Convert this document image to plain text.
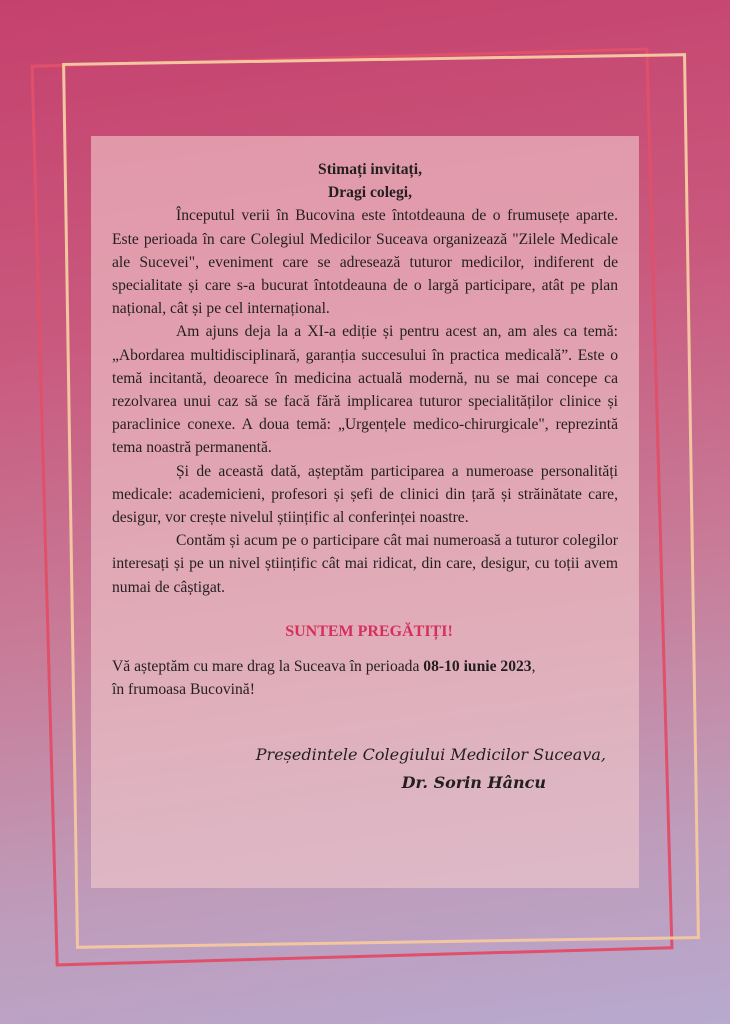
Stimați invitați,

Dragi colegi,

Începutul verii în Bucovina este întotdeauna de o frumusețe aparte. Este perioada în care Colegiul Medicilor Suceava organizează "Zilele Medicale ale Sucevei", eveniment care se adresează tuturor medicilor, indiferent de specialitate și care s-a bucurat întotdeauna de o largă participare, atât pe plan național, cât și pe cel internațional.

Am ajuns deja la a XI-a ediție și pentru acest an, am ales ca temă: „Abordarea multidisciplinară, garanția succesului în practica medicală”. Este o temă incitantă, deoarece în medicina actuală modernă, nu se mai concepe ca rezolvarea unui caz să se facă fără implicarea tuturor specialităților clinice și paraclinice conexe. A doua temă: „Urgențele medico-chirurgicale", reprezintă tema noastră permanentă.

Și de această dată, așteptăm participarea a numeroase personalități medicale: academicieni, profesori și șefi de clinici din țară și străinătate care, desigur, vor crește nivelul științific al conferinței noastre.

Contăm și acum pe o participare cât mai numeroasă a tuturor colegilor interesați și pe un nivel științific cât mai ridicat, din care, desigur, cu toții avem numai de câștigat.

SUNTEM PREGĂTIȚI!

Vă așteptăm cu mare drag la Suceava în perioada 08-10 iunie 2023,
în frumoasa Bucovină!

Președintele Colegiului Medicilor Suceava,
Dr. Sorin Hâncu
